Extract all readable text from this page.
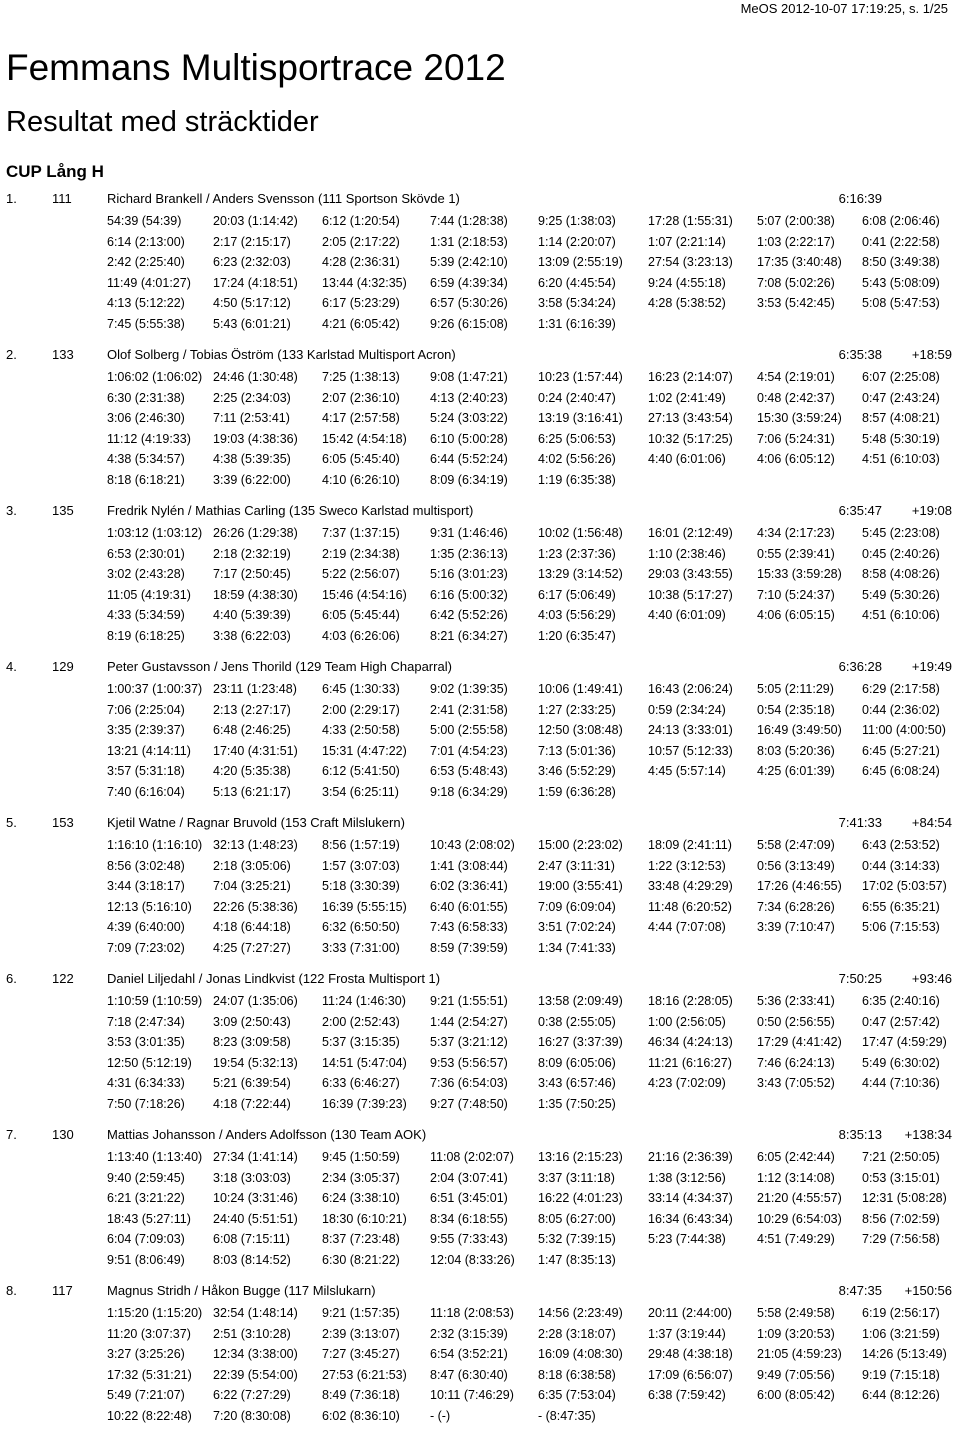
MeOS 2012-10-07 17:19:25, s. 1/25
Femmans Multisportrace 2012
Resultat med sträcktider
CUP Lång H
1.	111	Richard Brankell / Anders Svensson (111 Sportson Skövde 1)	6:16:39
54:39 (54:39)	20:03 (1:14:42) 6:12 (1:20:54) 7:44 (1:28:38) 9:25 (1:38:03)	17:28 (1:55:31) 5:07 (2:00:38) 6:08 (2:06:46)
6:14 (2:13:00) 2:17 (2:15:17) 2:05 (2:17:22) 1:31 (2:18:53) 1:14 (2:20:07)	1:07 (2:21:14) 1:03 (2:22:17) 0:41 (2:22:58)
2:42 (2:25:40) 6:23 (2:32:03) 4:28 (2:36:31) 5:39 (2:42:10) 13:09 (2:55:19) 27:54 (3:23:13) 17:35 (3:40:48) 8:50 (3:49:38)
11:49 (4:01:27) 17:24 (4:18:51) 13:44 (4:32:35) 6:59 (4:39:34) 6:20 (4:45:54)	9:24 (4:55:18) 7:08 (5:02:26) 5:43 (5:08:09)
4:13 (5:12:22) 4:50 (5:17:12) 6:17 (5:23:29) 6:57 (5:30:26) 3:58 (5:34:24)	4:28 (5:38:52) 3:53 (5:42:45) 5:08 (5:47:53)
7:45 (5:55:38) 5:43 (6:01:21) 4:21 (6:05:42) 9:26 (6:15:08) 1:31 (6:16:39)
2.	133	Olof Solberg / Tobias Öström (133 Karlstad Multisport Acron)	6:35:38	+18:59
1:06:02 (1:06:02) 24:46 (1:30:48) 7:25 (1:38:13) 9:08 (1:47:21) 10:23 (1:57:44) 16:23 (2:14:07) 4:54 (2:19:01) 6:07 (2:25:08)
6:30 (2:31:38) 2:25 (2:34:03) 2:07 (2:36:10) 4:13 (2:40:23) 0:24 (2:40:47)	1:02 (2:41:49) 0:48 (2:42:37) 0:47 (2:43:24)
3:06 (2:46:30) 7:11 (2:53:41)	4:17 (2:57:58) 5:24 (3:03:22) 13:19 (3:16:41) 27:13 (3:43:54) 15:30 (3:59:24) 8:57 (4:08:21)
11:12 (4:19:33) 19:03 (4:38:36) 15:42 (4:54:18) 6:10 (5:00:28) 6:25 (5:06:53)	10:32 (5:17:25) 7:06 (5:24:31) 5:48 (5:30:19)
4:38 (5:34:57) 4:38 (5:39:35) 6:05 (5:45:40) 6:44 (5:52:24) 4:02 (5:56:26)	4:40 (6:01:06) 4:06 (6:05:12) 4:51 (6:10:03)
8:18 (6:18:21) 3:39 (6:22:00) 4:10 (6:26:10) 8:09 (6:34:19) 1:19 (6:35:38)
3.	135	Fredrik Nylén / Mathias Carling (135 Sweco Karlstad multisport)	6:35:47	+19:08
1:03:12 (1:03:12) 26:26 (1:29:38) 7:37 (1:37:15) 9:31 (1:46:46) 10:02 (1:56:48) 16:01 (2:12:49) 4:34 (2:17:23) 5:45 (2:23:08)
6:53 (2:30:01) 2:18 (2:32:19) 2:19 (2:34:38) 1:35 (2:36:13) 1:23 (2:37:36)	1:10 (2:38:46) 0:55 (2:39:41) 0:45 (2:40:26)
3:02 (2:43:28) 7:17 (2:50:45) 5:22 (2:56:07) 5:16 (3:01:23) 13:29 (3:14:52) 29:03 (3:43:55) 15:33 (3:59:28) 8:58 (4:08:26)
11:05 (4:19:31) 18:59 (4:38:30) 15:46 (4:54:16) 6:16 (5:00:32) 6:17 (5:06:49)	10:38 (5:17:27) 7:10 (5:24:37) 5:49 (5:30:26)
4:33 (5:34:59) 4:40 (5:39:39) 6:05 (5:45:44) 6:42 (5:52:26) 4:03 (5:56:29)	4:40 (6:01:09) 4:06 (6:05:15) 4:51 (6:10:06)
8:19 (6:18:25) 3:38 (6:22:03) 4:03 (6:26:06) 8:21 (6:34:27) 1:20 (6:35:47)
4.	129	Peter Gustavsson / Jens Thorild (129 Team High Chaparral)	6:36:28	+19:49
1:00:37 (1:00:37) 23:11 (1:23:48) 6:45 (1:30:33) 9:02 (1:39:35) 10:06 (1:49:41) 16:43 (2:06:24) 5:05 (2:11:29) 6:29 (2:17:58)
7:06 (2:25:04) 2:13 (2:27:17) 2:00 (2:29:17) 2:41 (2:31:58) 1:27 (2:33:25)	0:59 (2:34:24) 0:54 (2:35:18) 0:44 (2:36:02)
3:35 (2:39:37) 6:48 (2:46:25) 4:33 (2:50:58) 5:00 (2:55:58) 12:50 (3:08:48) 24:13 (3:33:01) 16:49 (3:49:50) 11:00 (4:00:50)
13:21 (4:14:11) 17:40 (4:31:51) 15:31 (4:47:22) 7:01 (4:54:23) 7:13 (5:01:36)	10:57 (5:12:33) 8:03 (5:20:36) 6:45 (5:27:21)
3:57 (5:31:18) 4:20 (5:35:38) 6:12 (5:41:50) 6:53 (5:48:43) 3:46 (5:52:29)	4:45 (5:57:14) 4:25 (6:01:39) 6:45 (6:08:24)
7:40 (6:16:04) 5:13 (6:21:17) 3:54 (6:25:11) 9:18 (6:34:29) 1:59 (6:36:28)
5.	153	Kjetil Watne / Ragnar Bruvold (153 Craft Milslukern)	7:41:33	+84:54
1:16:10 (1:16:10) 32:13 (1:48:23) 8:56 (1:57:19) 10:43 (2:08:02) 15:00 (2:23:02) 18:09 (2:41:11) 5:58 (2:47:09) 6:43 (2:53:52)
8:56 (3:02:48) 2:18 (3:05:06) 1:57 (3:07:03) 1:41 (3:08:44) 2:47 (3:11:31)	1:22 (3:12:53) 0:56 (3:13:49) 0:44 (3:14:33)
3:44 (3:18:17) 7:04 (3:25:21) 5:18 (3:30:39) 6:02 (3:36:41) 19:00 (3:55:41) 33:48 (4:29:29) 17:26 (4:46:55) 17:02 (5:03:57)
12:13 (5:16:10) 22:26 (5:38:36) 16:39 (5:55:15) 6:40 (6:01:55) 7:09 (6:09:04)	11:48 (6:20:52) 7:34 (6:28:26) 6:55 (6:35:21)
4:39 (6:40:00) 4:18 (6:44:18) 6:32 (6:50:50) 7:43 (6:58:33) 3:51 (7:02:24)	4:44 (7:07:08) 3:39 (7:10:47) 5:06 (7:15:53)
7:09 (7:23:02) 4:25 (7:27:27) 3:33 (7:31:00) 8:59 (7:39:59) 1:34 (7:41:33)
6.	122	Daniel Liljedahl / Jonas Lindkvist (122 Frosta Multisport 1)	7:50:25	+93:46
1:10:59 (1:10:59) 24:07 (1:35:06) 11:24 (1:46:30) 9:21 (1:55:51) 13:58 (2:09:49) 18:16 (2:28:05) 5:36 (2:33:41) 6:35 (2:40:16)
7:18 (2:47:34) 3:09 (2:50:43) 2:00 (2:52:43) 1:44 (2:54:27) 0:38 (2:55:05)	1:00 (2:56:05) 0:50 (2:56:55) 0:47 (2:57:42)
3:53 (3:01:35) 8:23 (3:09:58) 5:37 (3:15:35) 5:37 (3:21:12) 16:27 (3:37:39) 46:34 (4:24:13) 17:29 (4:41:42) 17:47 (4:59:29)
12:50 (5:12:19) 19:54 (5:32:13) 14:51 (5:47:04) 9:53 (5:56:57) 8:09 (6:05:06)	11:21 (6:16:27) 7:46 (6:24:13) 5:49 (6:30:02)
4:31 (6:34:33) 5:21 (6:39:54) 6:33 (6:46:27) 7:36 (6:54:03) 3:43 (6:57:46)	4:23 (7:02:09) 3:43 (7:05:52) 4:44 (7:10:36)
7:50 (7:18:26) 4:18 (7:22:44) 16:39 (7:39:23) 9:27 (7:48:50) 1:35 (7:50:25)
7.	130	Mattias Johansson / Anders Adolfsson (130 Team AOK)	8:35:13	+138:34
1:13:40 (1:13:40) 27:34 (1:41:14) 9:45 (1:50:59) 11:08 (2:02:07) 13:16 (2:15:23) 21:16 (2:36:39) 6:05 (2:42:44) 7:21 (2:50:05)
9:40 (2:59:45) 3:18 (3:03:03) 2:34 (3:05:37) 2:04 (3:07:41) 3:37 (3:11:18)	1:38 (3:12:56) 1:12 (3:14:08) 0:53 (3:15:01)
6:21 (3:21:22) 10:24 (3:31:46) 6:24 (3:38:10) 6:51 (3:45:01) 16:22 (4:01:23) 33:14 (4:34:37) 21:20 (4:55:57) 12:31 (5:08:28)
18:43 (5:27:11) 24:40 (5:51:51) 18:30 (6:10:21) 8:34 (6:18:55) 8:05 (6:27:00)	16:34 (6:43:34) 10:29 (6:54:03) 8:56 (7:02:59)
6:04 (7:09:03) 6:08 (7:15:11)	8:37 (7:23:48) 9:55 (7:33:43) 5:32 (7:39:15)	5:23 (7:44:38) 4:51 (7:49:29) 7:29 (7:56:58)
9:51 (8:06:49) 8:03 (8:14:52) 6:30 (8:21:22) 12:04 (8:33:26) 1:47 (8:35:13)
8.	117	Magnus Stridh / Håkon Bugge (117 Milslukarn)	8:47:35	+150:56
1:15:20 (1:15:20) 32:54 (1:48:14) 9:21 (1:57:35) 11:18 (2:08:53) 14:56 (2:23:49) 20:11 (2:44:00) 5:58 (2:49:58) 6:19 (2:56:17)
11:20 (3:07:37) 2:51 (3:10:28) 2:39 (3:13:07) 2:32 (3:15:39) 2:28 (3:18:07)	1:37 (3:19:44) 1:09 (3:20:53) 1:06 (3:21:59)
3:27 (3:25:26) 12:34 (3:38:00) 7:27 (3:45:27) 6:54 (3:52:21) 16:09 (4:08:30) 29:48 (4:38:18) 21:05 (4:59:23) 14:26 (5:13:49)
17:32 (5:31:21) 22:39 (5:54:00) 27:53 (6:21:53) 8:47 (6:30:40) 8:18 (6:38:58)	17:09 (6:56:07) 9:49 (7:05:56) 9:19 (7:15:18)
5:49 (7:21:07) 6:22 (7:27:29) 8:49 (7:36:18) 10:11 (7:46:29) 6:35 (7:53:04)	6:38 (7:59:42) 6:00 (8:05:42) 6:44 (8:12:26)
10:22 (8:22:48) 7:20 (8:30:08) 6:02 (8:36:10) - (-)	- (8:47:35)
